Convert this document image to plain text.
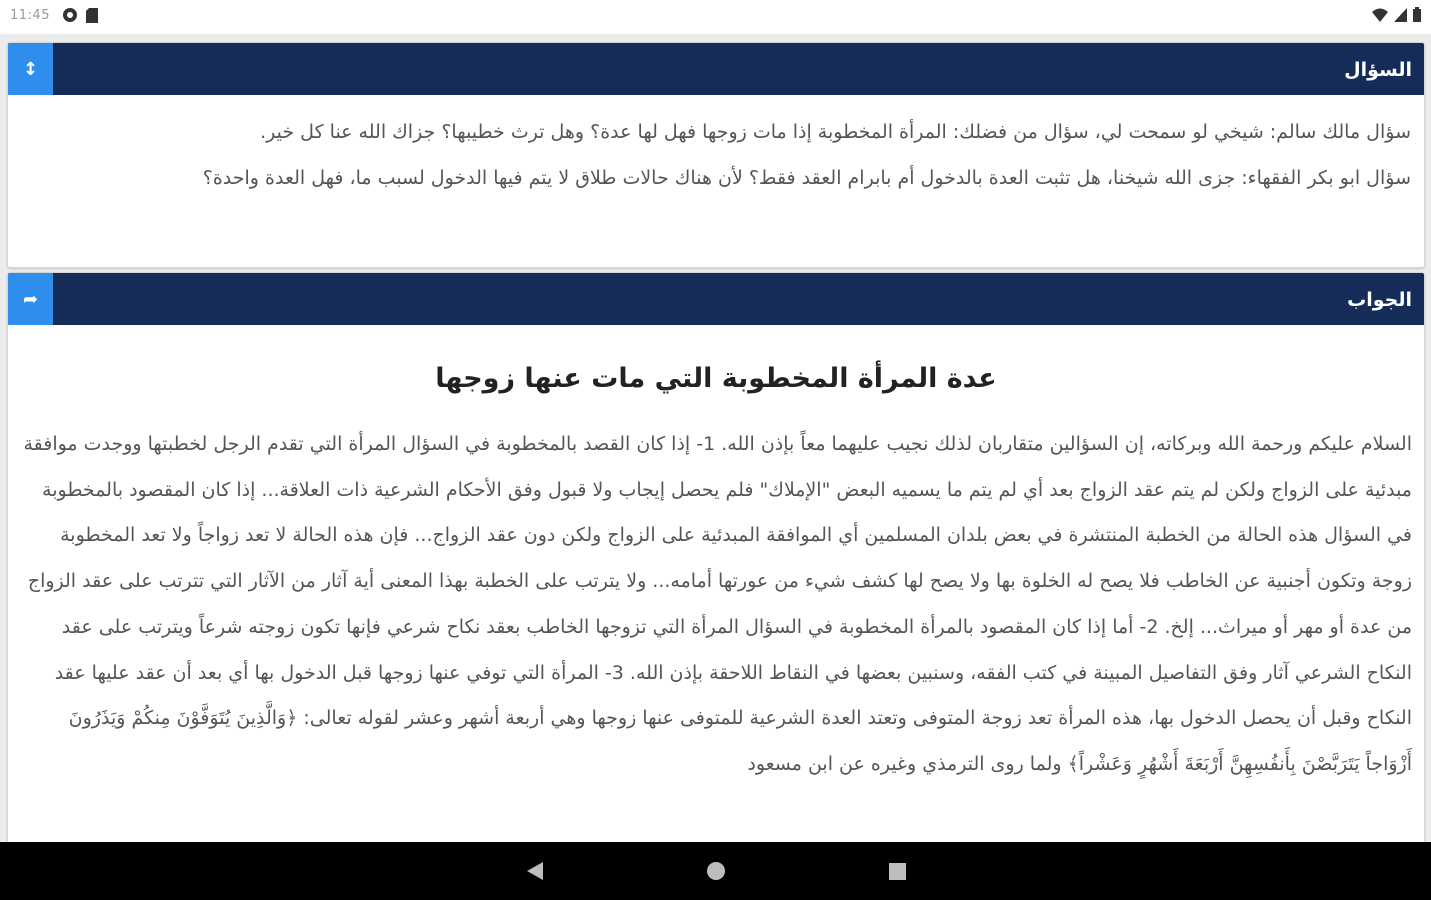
11:45
↕	السؤال
سؤال مالك سالم: شيخي لو سمحت لي، سؤال من فضلك: المرأة المخطوبة إذا مات زوجها فهل لها عدة؟ وهل ترث خطيبها؟ جزاك الله عنا كل خير.
سؤال ابو بكر الفقهاء: جزى الله شيخنا، هل تثبت العدة بالدخول أم بابرام العقد فقط؟ لأن هناك حالات طلاق لا يتم فيها الدخول لسبب ما، فهل العدة واحدة؟
➦	الجواب
عدة المرأة المخطوبة التي مات عنها زوجها
السلام عليكم ورحمة الله وبركاته، إن السؤالين متقاربان لذلك نجيب عليهما معاً بإذن الله. 1- إذا كان القصد بالمخطوبة في السؤال المرأة التي تقدم الرجل لخطبتها ووجدت موافقة مبدئية على الزواج ولكن لم يتم عقد الزواج بعد أي لم يتم ما يسميه البعض "الإملاك" فلم يحصل إيجاب ولا قبول وفق الأحكام الشرعية ذات العلاقة... إذا كان المقصود بالمخطوبة في السؤال هذه الحالة من الخطبة المنتشرة في بعض بلدان المسلمين أي الموافقة المبدئية على الزواج ولكن دون عقد الزواج... فإن هذه الحالة لا تعد زواجاً ولا تعد المخطوبة زوجة وتكون أجنبية عن الخاطب فلا يصح له الخلوة بها ولا يصح لها كشف شيء من عورتها أمامه... ولا يترتب على الخطبة بهذا المعنى أية آثار من الآثار التي تترتب على عقد الزواج من عدة أو مهر أو ميراث... إلخ. 2- أما إذا كان المقصود بالمرأة المخطوبة في السؤال المرأة التي تزوجها الخاطب بعقد نكاح شرعي فإنها تكون زوجته شرعاً ويترتب على عقد النكاح الشرعي آثار وفق التفاصيل المبينة في كتب الفقه، وسنبين بعضها في النقاط اللاحقة بإذن الله. 3- المرأة التي توفي عنها زوجها قبل الدخول بها أي بعد أن عقد عليها عقد النكاح وقبل أن يحصل الدخول بها، هذه المرأة تعد زوجة المتوفى وتعتد العدة الشرعية للمتوفى عنها زوجها وهي أربعة أشهر وعشر لقوله تعالى: ﴿وَالَّذِينَ يُتَوَفَّوْنَ مِنكُمْ وَيَذَرُونَ أَزْوَاجاً يَتَرَبَّصْنَ بِأَنفُسِهِنَّ أَرْبَعَةَ أَشْهُرٍ وَعَشْراً﴾ ولما روى الترمذي وغيره عن ابن مسعود
